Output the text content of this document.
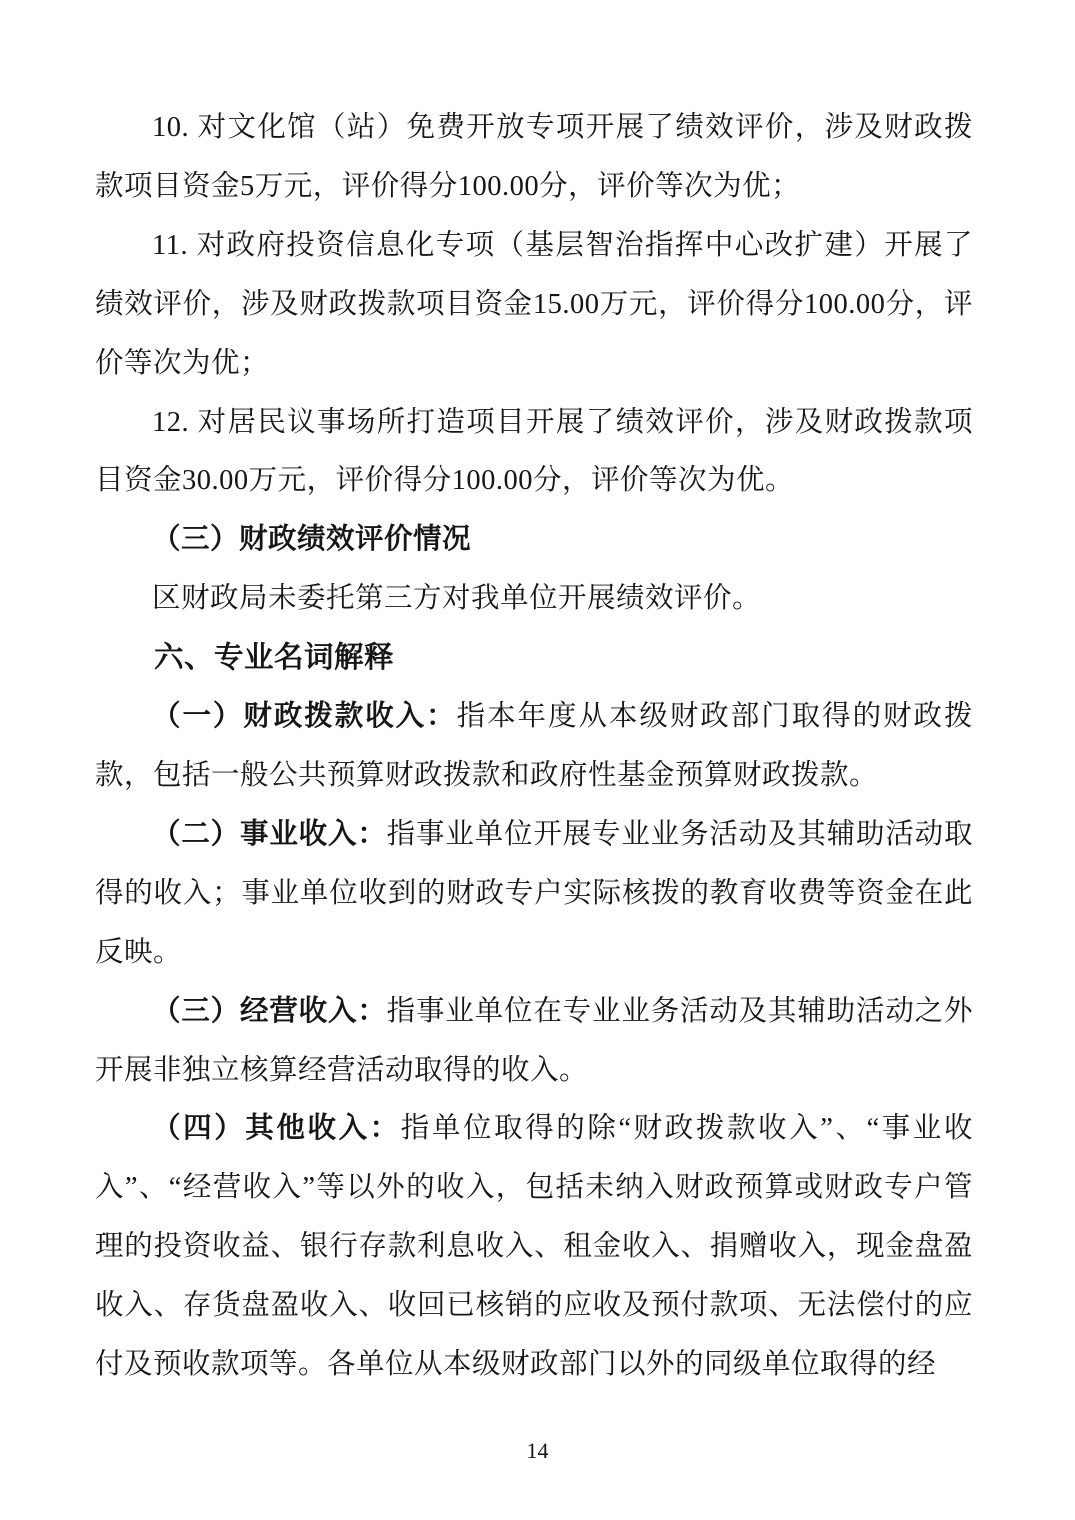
10. 对文化馆（站）免费开放专项开展了绩效评价，涉及财政拨款项目资金5万元，评价得分100.00分，评价等次为优；

11. 对政府投资信息化专项（基层智治指挥中心改扩建）开展了绩效评价，涉及财政拨款项目资金15.00万元，评价得分100.00分，评价等次为优；

12. 对居民议事场所打造项目开展了绩效评价，涉及财政拨款项目资金30.00万元，评价得分100.00分，评价等次为优。

（三）财政绩效评价情况

区财政局未委托第三方对我单位开展绩效评价。

六、专业名词解释

（一）财政拨款收入：指本年度从本级财政部门取得的财政拨款，包括一般公共预算财政拨款和政府性基金预算财政拨款。

（二）事业收入：指事业单位开展专业业务活动及其辅助活动取得的收入；事业单位收到的财政专户实际核拨的教育收费等资金在此反映。

（三）经营收入：指事业单位在专业业务活动及其辅助活动之外开展非独立核算经营活动取得的收入。

（四）其他收入：指单位取得的除“财政拨款收入”、“事业收入”、“经营收入”等以外的收入，包括未纳入财政预算或财政专户管理的投资收益、银行存款利息收入、租金收入、捐赠收入，现金盘盈收入、存货盘盈收入、收回已核销的应收及预付款项、无法偿付的应付及预收款项等。各单位从本级财政部门以外的同级单位取得的经

14
